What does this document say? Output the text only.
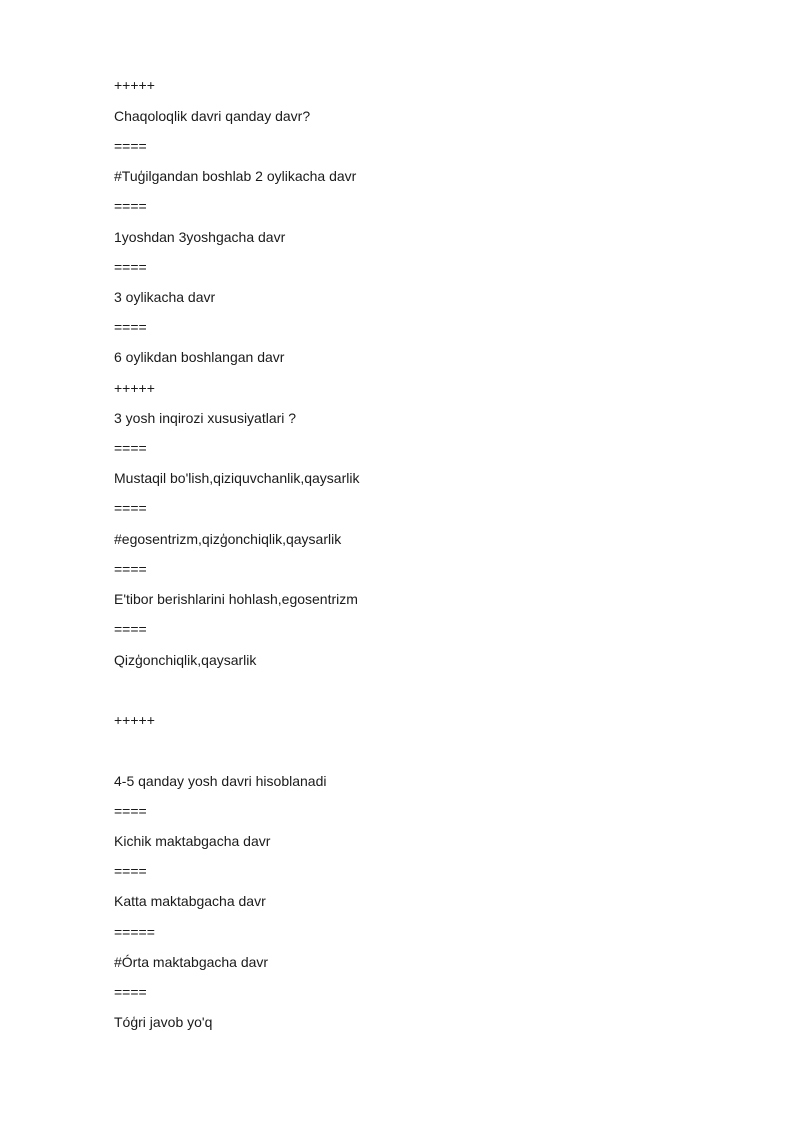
+++++
Chaqoloqlik davri qanday davr?
====
#Tuģilgandan boshlab 2 oylikacha davr
====
1yoshdan 3yoshgacha davr
====
3 oylikacha davr
====
6 oylikdan boshlangan davr
+++++
3 yosh inqirozi xususiyatlari ?
====
Mustaqil bo'lish,qiziquvchanlik,qaysarlik
====
#egosentrizm,qizģonchiqlik,qaysarlik
====
E'tibor berishlarini hohlash,egosentrizm
====
Qizģonchiqlik,qaysarlik
+++++
4-5 qanday yosh davri hisoblanadi
====
Kichik maktabgacha davr
====
Katta maktabgacha davr
=====
#Órta maktabgacha davr
====
Tóģri javob yo'q
